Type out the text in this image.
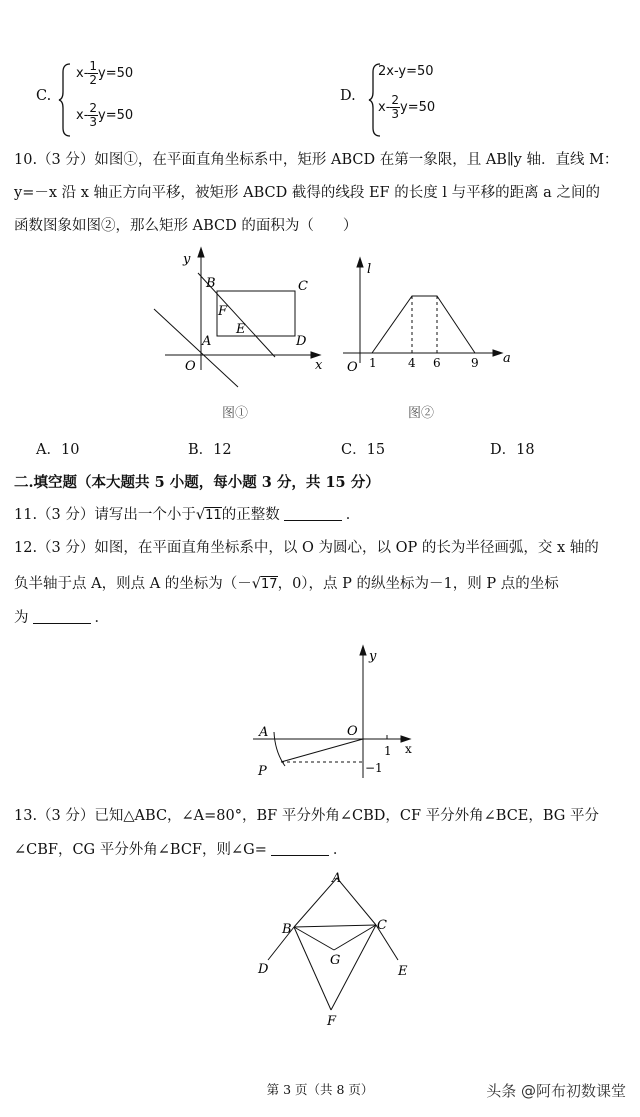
C.
$x- \frac{1}{2} y=50$
$x- \frac{2}{3} y=50$
D.
2x-y=50
$x- \frac{2}{3} y=50$
10.（3 分）如图①，在平面直角坐标系中，矩形 ABCD 在第一象限，且 AB∥y 轴．直线 M：
y=－x 沿 x 轴正方向平移，被矩形 ABCD 截得的线段 EF 的长度 l 与平移的距离 a 之间的
函数图象如图②，那么矩形 ABCD 的面积为（　　）
y
x
O
A
B	C
D
E
F
图①
l
a
O 1	4 6	9
图②
A．10	B．12	C．15	D．18
二.填空题（本大题共 5 小题，每小题 3 分，共 15 分）
11.（3 分）请写出一个小于√11的正整数	．
12.（3 分）如图，在平面直角坐标系中，以 O 为圆心，以 OP 的长为半径画弧，交 x 轴的
负半轴于点 A，则点 A 的坐标为（－√17，0），点 P 的纵坐标为－1，则 P 点的坐标
为	．
y
x
O
A
P
1
−1
13.（3 分）已知△ABC，∠A=80°，BF 平分外角∠CBD，CF 平分外角∠BCE，BG 平分
∠CBF，CG 平分外角∠BCF，则∠G=	．
A
B	C
D	E
F
G
第 3 页（共 8 页）	头条 @阿布初数课堂
